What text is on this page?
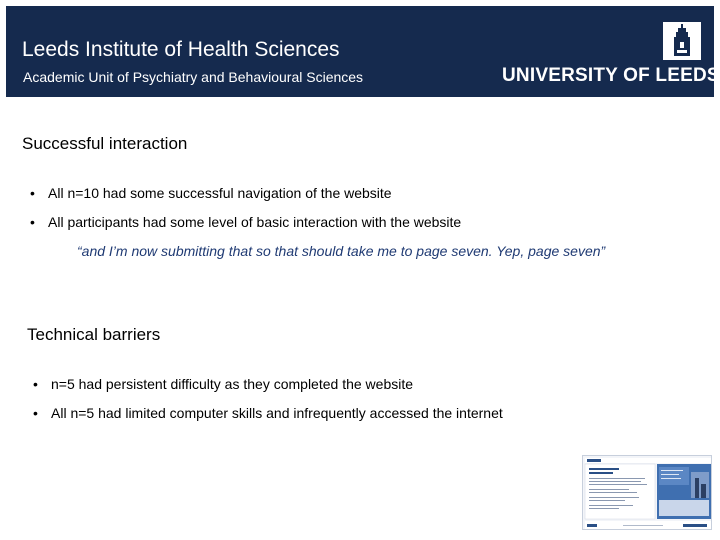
Leeds Institute of Health Sciences
Academic Unit of Psychiatry and Behavioural Sciences	UNIVERSITY OF LEEDS
Successful interaction
• All n=10 had some successful navigation of the website
• All participants had some level of basic interaction with the website
“and I’m now submitting that so that should take me to page seven. Yep, page seven”
Technical barriers
• n=5 had persistent difficulty as they completed the website
• All n=5 had limited computer skills and infrequently accessed the internet
